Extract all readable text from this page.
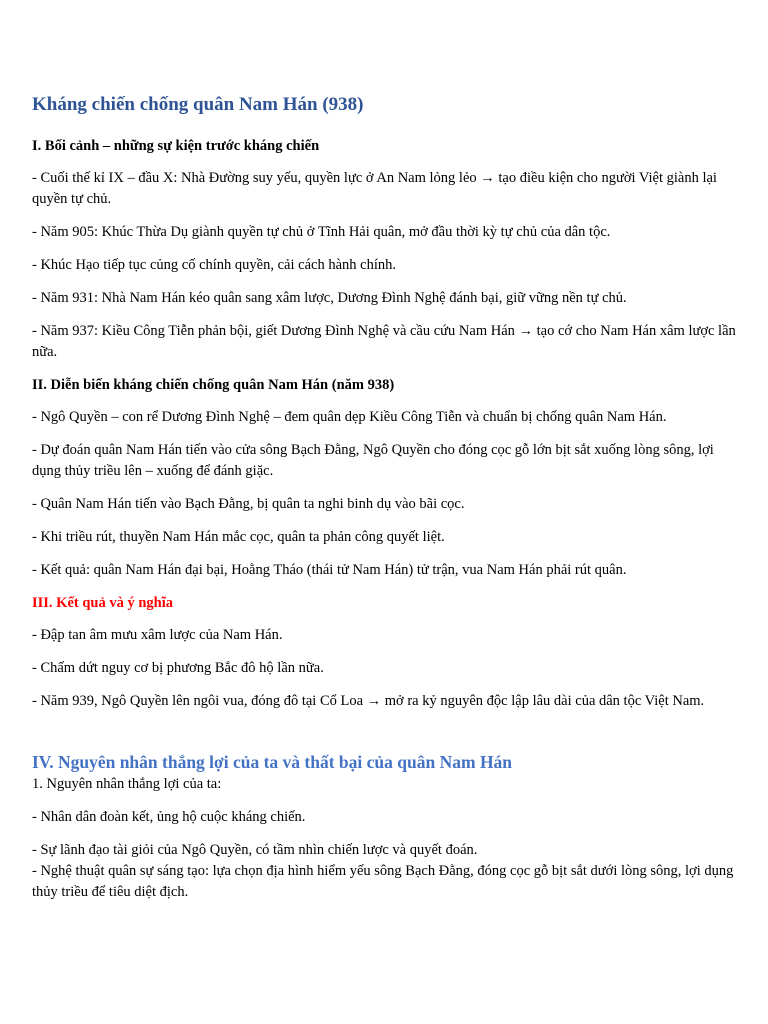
Kháng chiến chống quân Nam Hán (938)

I. Bối cảnh – những sự kiện trước kháng chiến

- Cuối thế kỉ IX – đầu X: Nhà Đường suy yếu, quyền lực ở An Nam lỏng lẻo → tạo điều kiện cho người Việt giành lại quyền tự chủ.

- Năm 905: Khúc Thừa Dụ giành quyền tự chủ ở Tĩnh Hải quân, mở đầu thời kỳ tự chủ của dân tộc.

- Khúc Hạo tiếp tục củng cố chính quyền, cải cách hành chính.

- Năm 931: Nhà Nam Hán kéo quân sang xâm lược, Dương Đình Nghệ đánh bại, giữ vững nền tự chủ.

- Năm 937: Kiều Công Tiễn phản bội, giết Dương Đình Nghệ và cầu cứu Nam Hán → tạo cớ cho Nam Hán xâm lược lần nữa.

II. Diễn biến kháng chiến chống quân Nam Hán (năm 938)

- Ngô Quyền – con rể Dương Đình Nghệ – đem quân dẹp Kiều Công Tiễn và chuẩn bị chống quân Nam Hán.

- Dự đoán quân Nam Hán tiến vào cửa sông Bạch Đằng, Ngô Quyền cho đóng cọc gỗ lớn bịt sắt xuống lòng sông, lợi dụng thủy triều lên – xuống để đánh giặc.

- Quân Nam Hán tiến vào Bạch Đằng, bị quân ta nghi binh dụ vào bãi cọc.

- Khi triều rút, thuyền Nam Hán mắc cọc, quân ta phản công quyết liệt.

- Kết quả: quân Nam Hán đại bại, Hoằng Tháo (thái tử Nam Hán) tử trận, vua Nam Hán phải rút quân.

III. Kết quả và ý nghĩa

- Đập tan âm mưu xâm lược của Nam Hán.

- Chấm dứt nguy cơ bị phương Bắc đô hộ lần nữa.

- Năm 939, Ngô Quyền lên ngôi vua, đóng đô tại Cổ Loa → mở ra kỷ nguyên độc lập lâu dài của dân tộc Việt Nam.

IV. Nguyên nhân thắng lợi của ta và thất bại của quân Nam Hán

1. Nguyên nhân thắng lợi của ta:

- Nhân dân đoàn kết, ủng hộ cuộc kháng chiến.

- Sự lãnh đạo tài giỏi của Ngô Quyền, có tầm nhìn chiến lược và quyết đoán.

- Nghệ thuật quân sự sáng tạo: lựa chọn địa hình hiểm yếu sông Bạch Đằng, đóng cọc gỗ bịt sắt dưới lòng sông, lợi dụng thủy triều để tiêu diệt địch.
